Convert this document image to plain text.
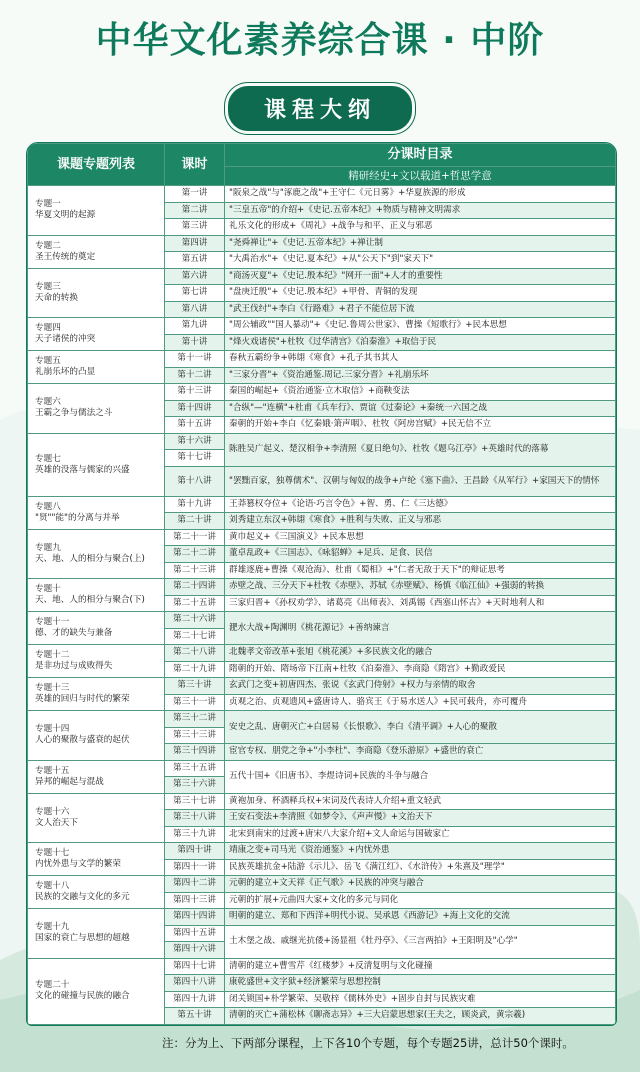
中华文化素养综合课 · 中阶
课程大纲
课题专题列表	课时	分课时目录
		精研经史+文以载道+哲思学意

专题一
华夏文明的起源	第一讲	"阪泉之战"与"涿鹿之战"+王守仁《元日雾》+华夏族源的形成
	第二讲	"三皇五帝"的介绍+《史记.五帝本纪》+物质与精神文明需求
	第三讲	礼乐文化的形成+《周礼》+战争与和平、正义与邪恶

专题二
圣王传统的奠定	第四讲	"尧舜禅让"+《史记.五帝本纪》+禅让制
	第五讲	"大禹治水"+《史记.夏本纪》+从"公天下"到"家天下"

专题三
天命的转换	第六讲	"商汤灭夏"+《史记.殷本纪》"网开一面"+人才的重要性
	第七讲	"盘庚迁殷"+《史记.殷本纪》+甲骨、青铜的发现
	第八讲	"武王伐纣"+李白《行路难》+君子不能位居下流

专题四
天子诸侯的冲突	第九讲	"周公辅政""国人暴动"+《史记.鲁周公世家》、曹操《短歌行》+民本思想
	第十讲	"烽火戏诸侯"+杜牧《过华清宫》《泊秦淮》+取信于民

专题五
礼崩乐坏的凸显	第十一讲	春秋五霸纷争+韩翃《寒食》+孔子其书其人
	第十二讲	"三家分晋"+《资治通鉴.周记.三家分晋》+礼崩乐坏

专题六
王霸之争与儒法之斗	第十三讲	秦国的崛起+《资治通鉴·立木取信》+商鞅变法
	第十四讲	"合纵"—"连横"+杜甫《兵车行》、贾谊《过秦论》+秦统一六国之战
	第十五讲	秦朝的开始+李白《忆秦娥·箫声咽》、杜牧《阿房宫赋》+民无信不立

专题七
英雄的没落与儒家的兴盛	第十六讲	陈胜吴广起义、楚汉相争+李清照《夏日绝句》、杜牧《题乌江亭》+英雄时代的落幕
	第十七讲	
	第十八讲	"罢黜百家，独尊儒术"、汉朝与匈奴的战争+卢纶《塞下曲》、王昌龄《从军行》+家国天下的情怀

专题八
"贤""能"的分离与并举	第十九讲	王莽篡权夺位+《论语·巧言令色》+智、勇、仁《三达德》
	第二十讲	刘秀建立东汉+韩翃《寒食》+胜利与失败、正义与邪恶

专题九
天、地、人的相分与聚合(上)	第二十一讲	黄巾起义+《三国演义》+民本思想
	第二十二讲	董卓乱政+《三国志》、《咏貂蝉》+足兵、足食、民信
	第二十三讲	群雄逐鹿+曹操《观沧海》、杜甫《蜀相》+"仁者无敌于天下"的辩证思考

专题十
天、地、人的相分与聚合(下)	第二十四讲	赤壁之战、三分天下+杜牧《赤壁》、苏轼《赤壁赋》、杨慎《临江仙》+强弱的转换
	第二十五讲	三家归晋+《孙权劝学》、诸葛亮《出师表》、刘禹锡《西塞山怀古》+天时地利人和

专题十一
德、才的缺失与兼备	第二十六讲	淝水大战+陶渊明《桃花源记》+善纳谏言
	第二十七讲	

专题十二
是非功过与成败得失	第二十八讲	北魏孝文帝改革+张旭《桃花溪》+多民族文化的融合
	第二十九讲	隋朝的开始、隋场帝下江南+杜牧《泊秦淮》、李商隐《隋宫》+勤政爱民

专题十三
英雄的回归与时代的繁荣	第三十讲	玄武门之变+初唐四杰、张说《玄武门侍射》+权力与亲情的取舍
	第三十一讲	贞观之治、贞观遗风+盛唐诗人、骆宾王《于易水送人》+民可载舟，亦可覆舟

专题十四
人心的聚散与盛衰的起伏	第三十二讲	安史之乱、唐朝灭亡+白居易《长恨歌》、李白《清平调》+人心的聚散
	第三十三讲	
	第三十四讲	宦官专权、朋党之争+"小李杜"、李商隐《登乐游原》+盛世的衰亡

专题十五
异邦的崛起与混战	第三十五讲	五代十国+《旧唐书》、李煜诗词+民族的斗争与融合
	第三十六讲	

专题十六
文人治天下	第三十七讲	黄袍加身、杯酒释兵权+宋词及代表诗人介绍+重文轻武
	第三十八讲	王安石变法+李清照《如梦令》、《声声慢》+文治天下
	第三十九讲	北宋到南宋的过渡+唐宋八大家介绍+文人命运与国破家亡

专题十七
内忧外患与文学的繁荣	第四十讲	靖康之变+司马光《资治通鉴》+内忧外患
	第四十一讲	民族英雄抗金+陆游《示儿》、岳飞《满江红》、《水浒传》+朱熹及"理学"

专题十八
民族的交融与文化的多元	第四十二讲	元朝的建立+文天祥《正气歌》+民族的冲突与融合
	第四十三讲	元朝的扩展+元曲四大家+文化的多元与同化

专题十九
国家的衰亡与思想的超越	第四十四讲	明朝的建立、郑和下西洋+明代小说、吴承恩《西游记》+海上文化的交流
	第四十五讲	土木堡之战、戚继光抗倭+汤显祖《牡丹亭》、《三言两拍》+王阳明及"心学"
	第四十六讲	

专题二十
文化的碰撞与民族的融合	第四十七讲	清朝的建立+曹雪芹《红楼梦》+反清复明与文化碰撞
	第四十八讲	康乾盛世+文字狱+经济繁荣与思想控制
	第四十九讲	闭关锁国+朴学繁荣、吴敬梓《儒林外史》+固步自封与民族灾难
	第五十讲	清朝的灭亡+蒲松林《聊斋志异》+三大启蒙思想家(王夫之，顾炎武，黄宗羲)
注：分为上、下两部分课程，上下各10个专题，每个专题25讲，总计50个课时。
